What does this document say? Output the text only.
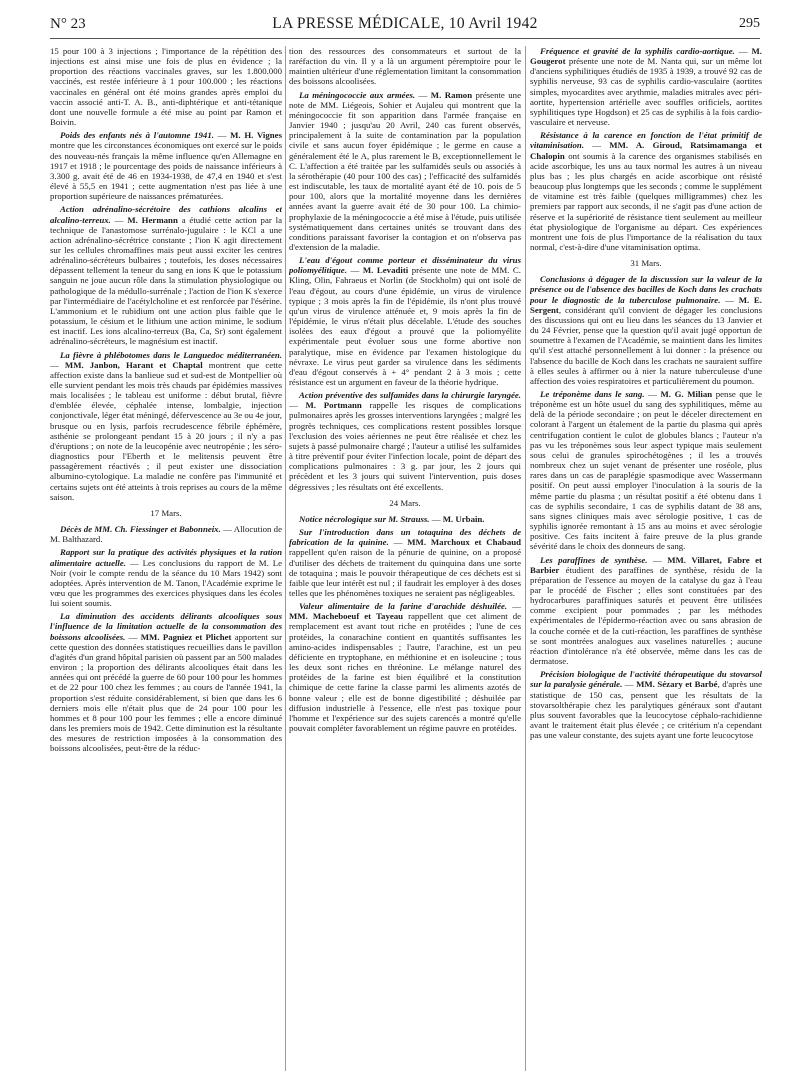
N° 23	LA PRESSE MÉDICALE, 10 Avril 1942	295

15 pour 100 à 3 injections ; l'importance de la répétition des injections est ainsi mise une fois de plus en évidence ; la proportion des réactions vaccinales graves, sur les 1.800.000 vaccinés, est restée inférieure à 1 pour 100.000 ; les réactions vaccinales en général ont été moins grandes après emploi du vaccin associé anti-T. A. B., anti-diphtérique et anti-tétanique dont une nouvelle formule a été mise au point par Ramon et Boivin.

Poids des enfants nés à l'automne 1941. — M. H. Vignes montre que les circonstances économiques ont exercé sur le poids des nouveau-nés français la même influence qu'en Allemagne en 1917 et 1918 ; le pourcentage des poids de naissance inférieurs à 3.300 g. avait été de 46 en 1934-1938, de 47,4 en 1940 et s'est élevé à 55,5 en 1941 ; cette augmentation n'est pas liée à une proportion supérieure de naissances prématurées.

Action adrénalino-sécrétoire des cathions alcalins et alcalino-terreux. — M. Hermann a étudié cette action par la technique de l'anastomose surrénalo-jugulaire : le KCl a une action adrénalino-sécrétrice constante ; l'ion K agit directement sur les cellules chromaffines mais peut aussi exciter les centres adrénalino-sécréteurs bulbaires ; toutefois, les doses nécessaires dépassent tellement la teneur du sang en ions K que le potassium sanguin ne joue aucun rôle dans la stimulation physiologique ou pathologique de la médullo-surrénale ; l'action de l'ion K s'exerce par l'intermédiaire de l'acétylcholine et est renforcée par l'ésérine. L'ammonium et le rubidium ont une action plus faible que le potassium, le césium et le lithium une action minime, le sodium est inactif. Les ions alcalino-terreux (Ba, Ca, Sr) sont également adrénalino-sécréteurs, le magnésium est inactif.

La fièvre à phlébotomes dans le Languedoc méditerranéen. — MM. Janbon, Harant et Chaptal montrent que cette affection existe dans la banlieue sud et sud-est de Montpellier où elle survient pendant les mois très chauds par épidémies massives mais localisées ; le tableau est uniforme : début brutal, fièvre d'emblée élevée, céphalée intense, lombalgie, injection conjonctivale, léger état méningé, défervescence au 3e ou 4e jour, brusque ou en lysis, parfois recrudescence fébrile éphémère, asthénie se prolongeant pendant 15 à 20 jours ; il n'y a pas d'éruptions ; on note de la leucopénie avec neutropénie ; les séro-diagnostics pour l'Eberth et le melitensis peuvent être passagèrement réactivés ; il peut exister une dissociation albumino-cytologique. La maladie ne confère pas l'immunité et certains sujets ont été atteints à trois reprises au cours de la même saison.

17 Mars.

Décès de MM. Ch. Fiessinger et Babonneix. — Allocution de M. Balthazard.

Rapport sur la pratique des activités physiques et la ration alimentaire actuelle. — Les conclusions du rapport de M. Le Noir (voir le compte rendu de la séance du 10 Mars 1942) sont adoptées. Après intervention de M. Tanon, l'Académie exprime le vœu que les programmes des exercices physiques dans les écoles lui soient soumis.

La diminution des accidents délirants alcooliques sous l'influence de la limitation actuelle de la consommation des boissons alcoolisées. — MM. Pagniez et Plichet apportent sur cette question des données statistiques recueillies dans le pavillon d'agités d'un grand hôpital parisien où passent par an 500 malades environ ; la proportion des délirants alcooliques était dans les années qui ont précédé la guerre de 60 pour 100 pour les hommes et de 22 pour 100 chez les femmes ; au cours de l'année 1941, la proportion s'est réduite considérablement, si bien que dans les 6 derniers mois elle n'était plus que de 24 pour 100 pour les hommes et 8 pour 100 pour les femmes ; elle a encore diminué dans les premiers mois de 1942. Cette diminution est la résultante des mesures de restriction imposées à la consommation des boissons alcoolisées, peut-être de la réduc-

tion des ressources des consommateurs et surtout de la raréfaction du vin. Il y a là un argument péremptoire pour le maintien ultérieur d'une réglementation limitant la consommation des boissons alcoolisées.

La méningococcie aux armées. — M. Ramon présente une note de MM. Liégeois, Sohier et Aujaleu qui montrent que la méningococcie fit son apparition dans l'armée française en Janvier 1940 ; jusqu'au 20 Avril, 240 cas furent observés, principalement à la suite de contamination par la population civile et sans aucun foyer épidémique ; le germe en cause a généralement été le A, plus rarement le B, exceptionnellement le C. L'affection a été traitée par les sulfamidés seuls ou associés à la sérothérapie (40 pour 100 des cas) ; l'efficacité des sulfamidés est indiscutable, les taux de mortalité ayant été de 10. pois de 5 pour 100, alors que la mortalité moyenne dans les dernières années avant la guerre avait été de 30 pour 100. La chimio-prophylaxie de la méningococcie a été mise à l'étude, puis utilisée systématiquement dans certaines unités se trouvant dans des conditions paraissant favoriser la contagion et on n'observa pas d'extension de la maladie.

L'eau d'égout comme porteur et disséminateur du virus poliomyélitique. — M. Levaditi présente une note de MM. C. Kling, Olin, Fahraeus et Norlin (de Stockholm) qui ont isolé de l'eau d'égout, au cours d'une épidémie, un virus de virulence typique ; 3 mois après la fin de l'épidémie, ils n'ont plus trouvé qu'un virus de virulence atténuée et, 9 mois après la fin de l'épidémie, le virus n'était plus décelable. L'étude des souches isolées des eaux d'égout a prouvé que la poliomyélite expérimentale peut évoluer sous une forme abortive non paralytique, mise en évidence par l'examen histologique du névraxe. Le virus peut garder sa virulence dans les sédiments d'eau d'égout conservés à + 4° pendant 2 à 3 mois ; cette résistance est un argument en faveur de la théorie hydrique.

Action préventive des sulfamides dans la chirurgie laryngée. — M. Portmann rappelle les risques de complications pulmonaires après les grosses interventions laryngées ; malgré les progrès techniques, ces complications restent possibles lorsque l'exclusion des voies aériennes ne peut être réalisée et chez les sujets à passé pulmonaire chargé ; l'auteur a utilisé les sulfamides à titre préventif pour éviter l'infection locale, point de départ des complications pulmonaires : 3 g. par jour, les 2 jours qui précèdent et les 3 jours qui suivent l'intervention, puis doses dégressives ; les résultats ont été excellents.

24 Mars.

Notice nécrologique sur M. Strauss. — M. Urbain.

Sur l'introduction dans un totaquina des déchets de fabrication de la quinine. — MM. Marchoux et Chabaud rappellent qu'en raison de la pénurie de quinine, on a proposé d'utiliser des déchets de traitement du quinquina dans une sorte de totaquina ; mais le pouvoir thérapeutique de ces déchets est si faible que leur intérêt est nul ; il faudrait les employer à des doses telles que les phénomènes toxiques ne seraient pas négligeables.

Valeur alimentaire de la farine d'arachide déshuilée. — MM. Macheboeuf et Tayeau rappellent que cet aliment de remplacement est avant tout riche en protéides ; l'une de ces protéides, la conarachine contient en quantités suffisantes les amino-acides indispensables ; l'autre, l'arachine, est un peu déficiente en tryptophane, en méthionine et en isoleucine ; tous les deux sont riches en thréonine. Le mélange naturel des protéides de la farine est bien équilibré et la constitution chimique de cette farine la classe parmi les aliments azotés de bonne valeur ; elle est de bonne digestibilité ; déshuilée par diffusion industrielle à l'essence, elle n'est pas toxique pour l'homme et l'expérience sur des sujets carencés a montré qu'elle pouvait compléter favorablement un régime pauvre en protéides.

Fréquence et gravité de la syphilis cardio-aortique. — M. Gougerot présente une note de M. Nanta qui, sur un même lot d'anciens syphilitiques étudiés de 1935 à 1939, a trouvé 92 cas de syphilis nerveuse, 93 cas de syphilis cardio-vasculaire (aortites simples, myocardites avec arythmie, maladies mitrales avec péri-aortite, hypertension artérielle avec souffles orificiels, aortites syphilitiques type Hogdson) et 25 cas de syphilis à la fois cardio-vasculaire et nerveuse.

Résistance à la carence en fonction de l'état primitif de vitaminisation. — MM. A. Giroud, Ratsimamanga et Chalopin ont soumis à la carence des organismes stabilisés en acide ascorbique, les uns au taux normal les autres à un niveau plus bas ; les plus chargés en acide ascorbique ont résisté beaucoup plus longtemps que les seconds ; comme le supplément de vitamine est très faible (quelques milligrammes) chez les premiers par rapport aux seconds, il ne s'agit pas d'une action de réserve et la supériorité de résistance tient seulement au meilleur état physiologique de l'organisme au départ. Ces expériences montrent une fois de plus l'importance de la réalisation du taux normal, c'est-à-dire d'une vitaminisation optima.

31 Mars.

Conclusions à dégager de la discussion sur la valeur de la présence ou de l'absence des bacilles de Koch dans les crachats pour le diagnostic de la tuberculose pulmonaire. — M. E. Sergent, considérant qu'il convient de dégager les conclusions des discussions qui ont eu lieu dans les séances du 13 Janvier et du 24 Février, pense que la question qu'il avait jugé opportun de soumettre à l'examen de l'Académie, se maintient dans les limites qu'il s'est attaché personnellement à lui donner : la présence ou l'absence du bacille de Koch dans les crachats ne sauraient suffire à elles seules à affirmer ou à nier la nature tuberculeuse d'une affection des voies respiratoires et particulièrement du poumon.

Le tréponème dans le sang. — M. G. Milian pense que le tréponème est un hôte usuel du sang des syphilitiques, même au delà de la période secondaire ; on peut le déceler directement en colorant à l'argent un étalement de la partie du plasma qui après centrifugation contient le culot de globules blancs ; l'auteur n'a pas vu les tréponèmes sous leur aspect typique mais seulement sous celui de granules spirochétogènes ; il les a trouvés nombreux chez un sujet venant de présenter une roséole, plus rares dans un cas de paraplégie spasmodique avec Wassermann positif. On peut aussi employer l'inoculation à la souris de la même partie du plasma ; un résultat positif a été obtenu dans 1 cas de syphilis secondaire, 1 cas de syphilis datant de 38 ans, sans signes cliniques mais avec sérologie positive, 1 cas de syphilis ignorée remontant à 15 ans au moins et avec sérologie positive. Ces faits incitent à faire preuve de la plus grande sévérité dans le choix des donneurs de sang.

Les paraffines de synthèse. — MM. Villaret, Fabre et Barbier étudient des paraffines de synthèse, résidu de la préparation de l'essence au moyen de la catalyse du gaz à l'eau par le procédé de Fischer ; elles sont constituées par des hydrocarbures paraffiniques saturés et peuvent être utilisées comme excipient pour pommades ; par les méthodes expérimentales de l'épidermo-réaction avec ou sans abrasion de la couche cornée et de la cuti-réaction, les paraffines de synthèse se sont montrées analogues aux vaselines naturelles ; aucune réaction d'intolérance n'a été observée, même dans les cas de dermatose.

Précision biologique de l'activité thérapeutique du stovarsol sur la paralysie générale. — MM. Sézary et Barbé, d'après une statistique de 150 cas, pensent que les résultats de la stovarsolthérapie chez les paralytiques généraux sont d'autant plus souvent favorables que la leucocytose céphalo-rachidienne avant le traitement était plus élevée ; ce critérium n'a cependant pas une valeur constante, des sujets ayant une forte leucocytose
